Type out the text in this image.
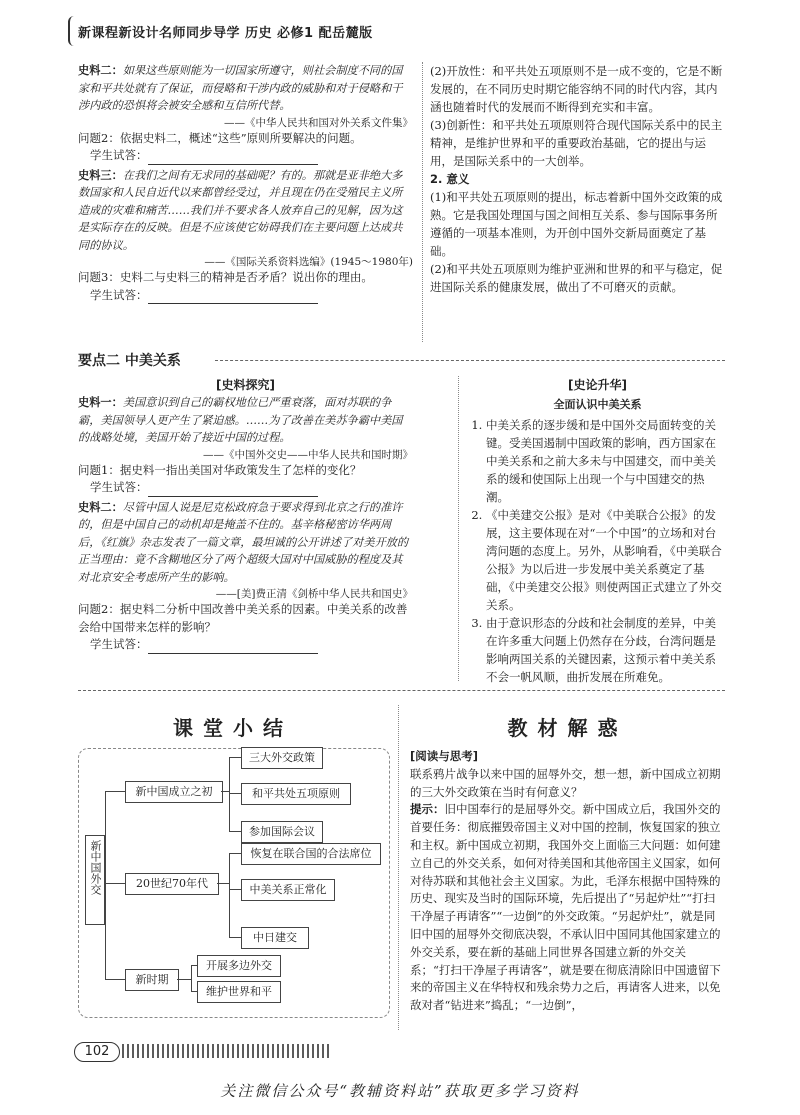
新课程新设计名师同步导学 历史 必修1 配岳麓版
史料二：如果这些原则能为一切国家所遵守，则社会制度不同的国家和平共处就有了保证，而侵略和干涉内政的威胁和对于侵略和干涉内政的恐惧将会被安全感和互信所代替。
——《中华人民共和国对外关系文件集》
问题2：依据史料二，概述“这些”原则所要解决的问题。
学生试答：
史料三：在我们之间有无求同的基础呢？有的。那就是亚非绝大多数国家和人民自近代以来都曾经受过，并且现在仍在受殖民主义所造成的灾难和痛苦……我们并不要求各人放弃自己的见解，因为这是实际存在的反映。但是不应该使它妨碍我们在主要问题上达成共同的协议。
——《国际关系资料选编》(1945～1980年)
问题3：史料二与史料三的精神是否矛盾？说出你的理由。
学生试答：
(2)开放性：和平共处五项原则不是一成不变的，它是不断发展的，在不同历史时期它能容纳不同的时代内容，其内涵也随着时代的发展而不断得到充实和丰富。
(3)创新性：和平共处五项原则符合现代国际关系中的民主精神，是维护世界和平的重要政治基础，它的提出与运用，是国际关系中的一大创举。
2. 意义
(1)和平共处五项原则的提出，标志着新中国外交政策的成熟。它是我国处理国与国之间相互关系、参与国际事务所遵循的一项基本准则，为开创中国外交新局面奠定了基础。
(2)和平共处五项原则为维护亚洲和世界的和平与稳定，促进国际关系的健康发展，做出了不可磨灭的贡献。
要点二 中美关系
[史料探究]
史料一：美国意识到自己的霸权地位已严重衰落，面对苏联的争霸，美国领导人更产生了紧迫感。……为了改善在美苏争霸中美国的战略处境，美国开始了接近中国的过程。
——《中国外交史——中华人民共和国时期》
问题1：据史料一指出美国对华政策发生了怎样的变化？
学生试答：
史料二：尽管中国人说是尼克松政府急于要求得到北京之行的准许的，但是中国自己的动机却是掩盖不住的。基辛格秘密访华两周后，《红旗》杂志发表了一篇文章，最坦诚的公开讲述了对美开放的正当理由：竟不含糊地区分了两个超级大国对中国威胁的程度及其对北京安全考虑所产生的影响。
——[美]费正清《剑桥中华人民共和国史》
问题2：据史料二分析中国改善中美关系的因素。中美关系的改善会给中国带来怎样的影响？
学生试答：
[史论升华]
全面认识中美关系
1. 中美关系的逐步缓和是中国外交局面转变的关键。受美国遏制中国政策的影响，西方国家在中美关系和之前大多未与中国建交，而中美关系的缓和使国际上出现一个与中国建交的热潮。
2. 《中美建交公报》是对《中美联合公报》的发展，这主要体现在对“一个中国”的立场和对台湾问题的态度上。另外，从影响看，《中美联合公报》为以后进一步发展中美关系奠定了基础，《中美建交公报》则使两国正式建立了外交关系。
3. 由于意识形态的分歧和社会制度的差异，中美在许多重大问题上仍然存在分歧，台湾问题是影响两国关系的关键因素，这预示着中美关系不会一帆风顺，曲折发展在所难免。
课堂小结
新中国外交
新中国成立之初
20世纪70年代
新时期
三大外交政策
和平共处五项原则
参加国际会议
恢复在联合国的合法席位
中美关系正常化
中日建交
开展多边外交
维护世界和平
教材解惑
[阅读与思考]
联系鸦片战争以来中国的屈辱外交，想一想，新中国成立初期的三大外交政策在当时有何意义？
提示：旧中国奉行的是屈辱外交。新中国成立后，我国外交的首要任务：彻底摧毁帝国主义对中国的控制，恢复国家的独立和主权。新中国成立初期，我国外交上面临三大问题：如何建立自己的外交关系，如何对待美国和其他帝国主义国家，如何对待苏联和其他社会主义国家。为此，毛泽东根据中国特殊的历史、现实及当时的国际环境，先后提出了“另起炉灶”“打扫干净屋子再请客”“一边倒”的外交政策。“另起炉灶”，就是同旧中国的屈辱外交彻底决裂，不承认旧中国同其他国家建立的外交关系，要在新的基础上同世界各国建立新的外交关系；“打扫干净屋子再请客”，就是要在彻底清除旧中国遗留下来的帝国主义在华特权和残余势力之后，再请客人进来，以免敌对者“钻进来”捣乱；“一边倒”，
102
关注微信公众号“教辅资料站”获取更多学习资料
